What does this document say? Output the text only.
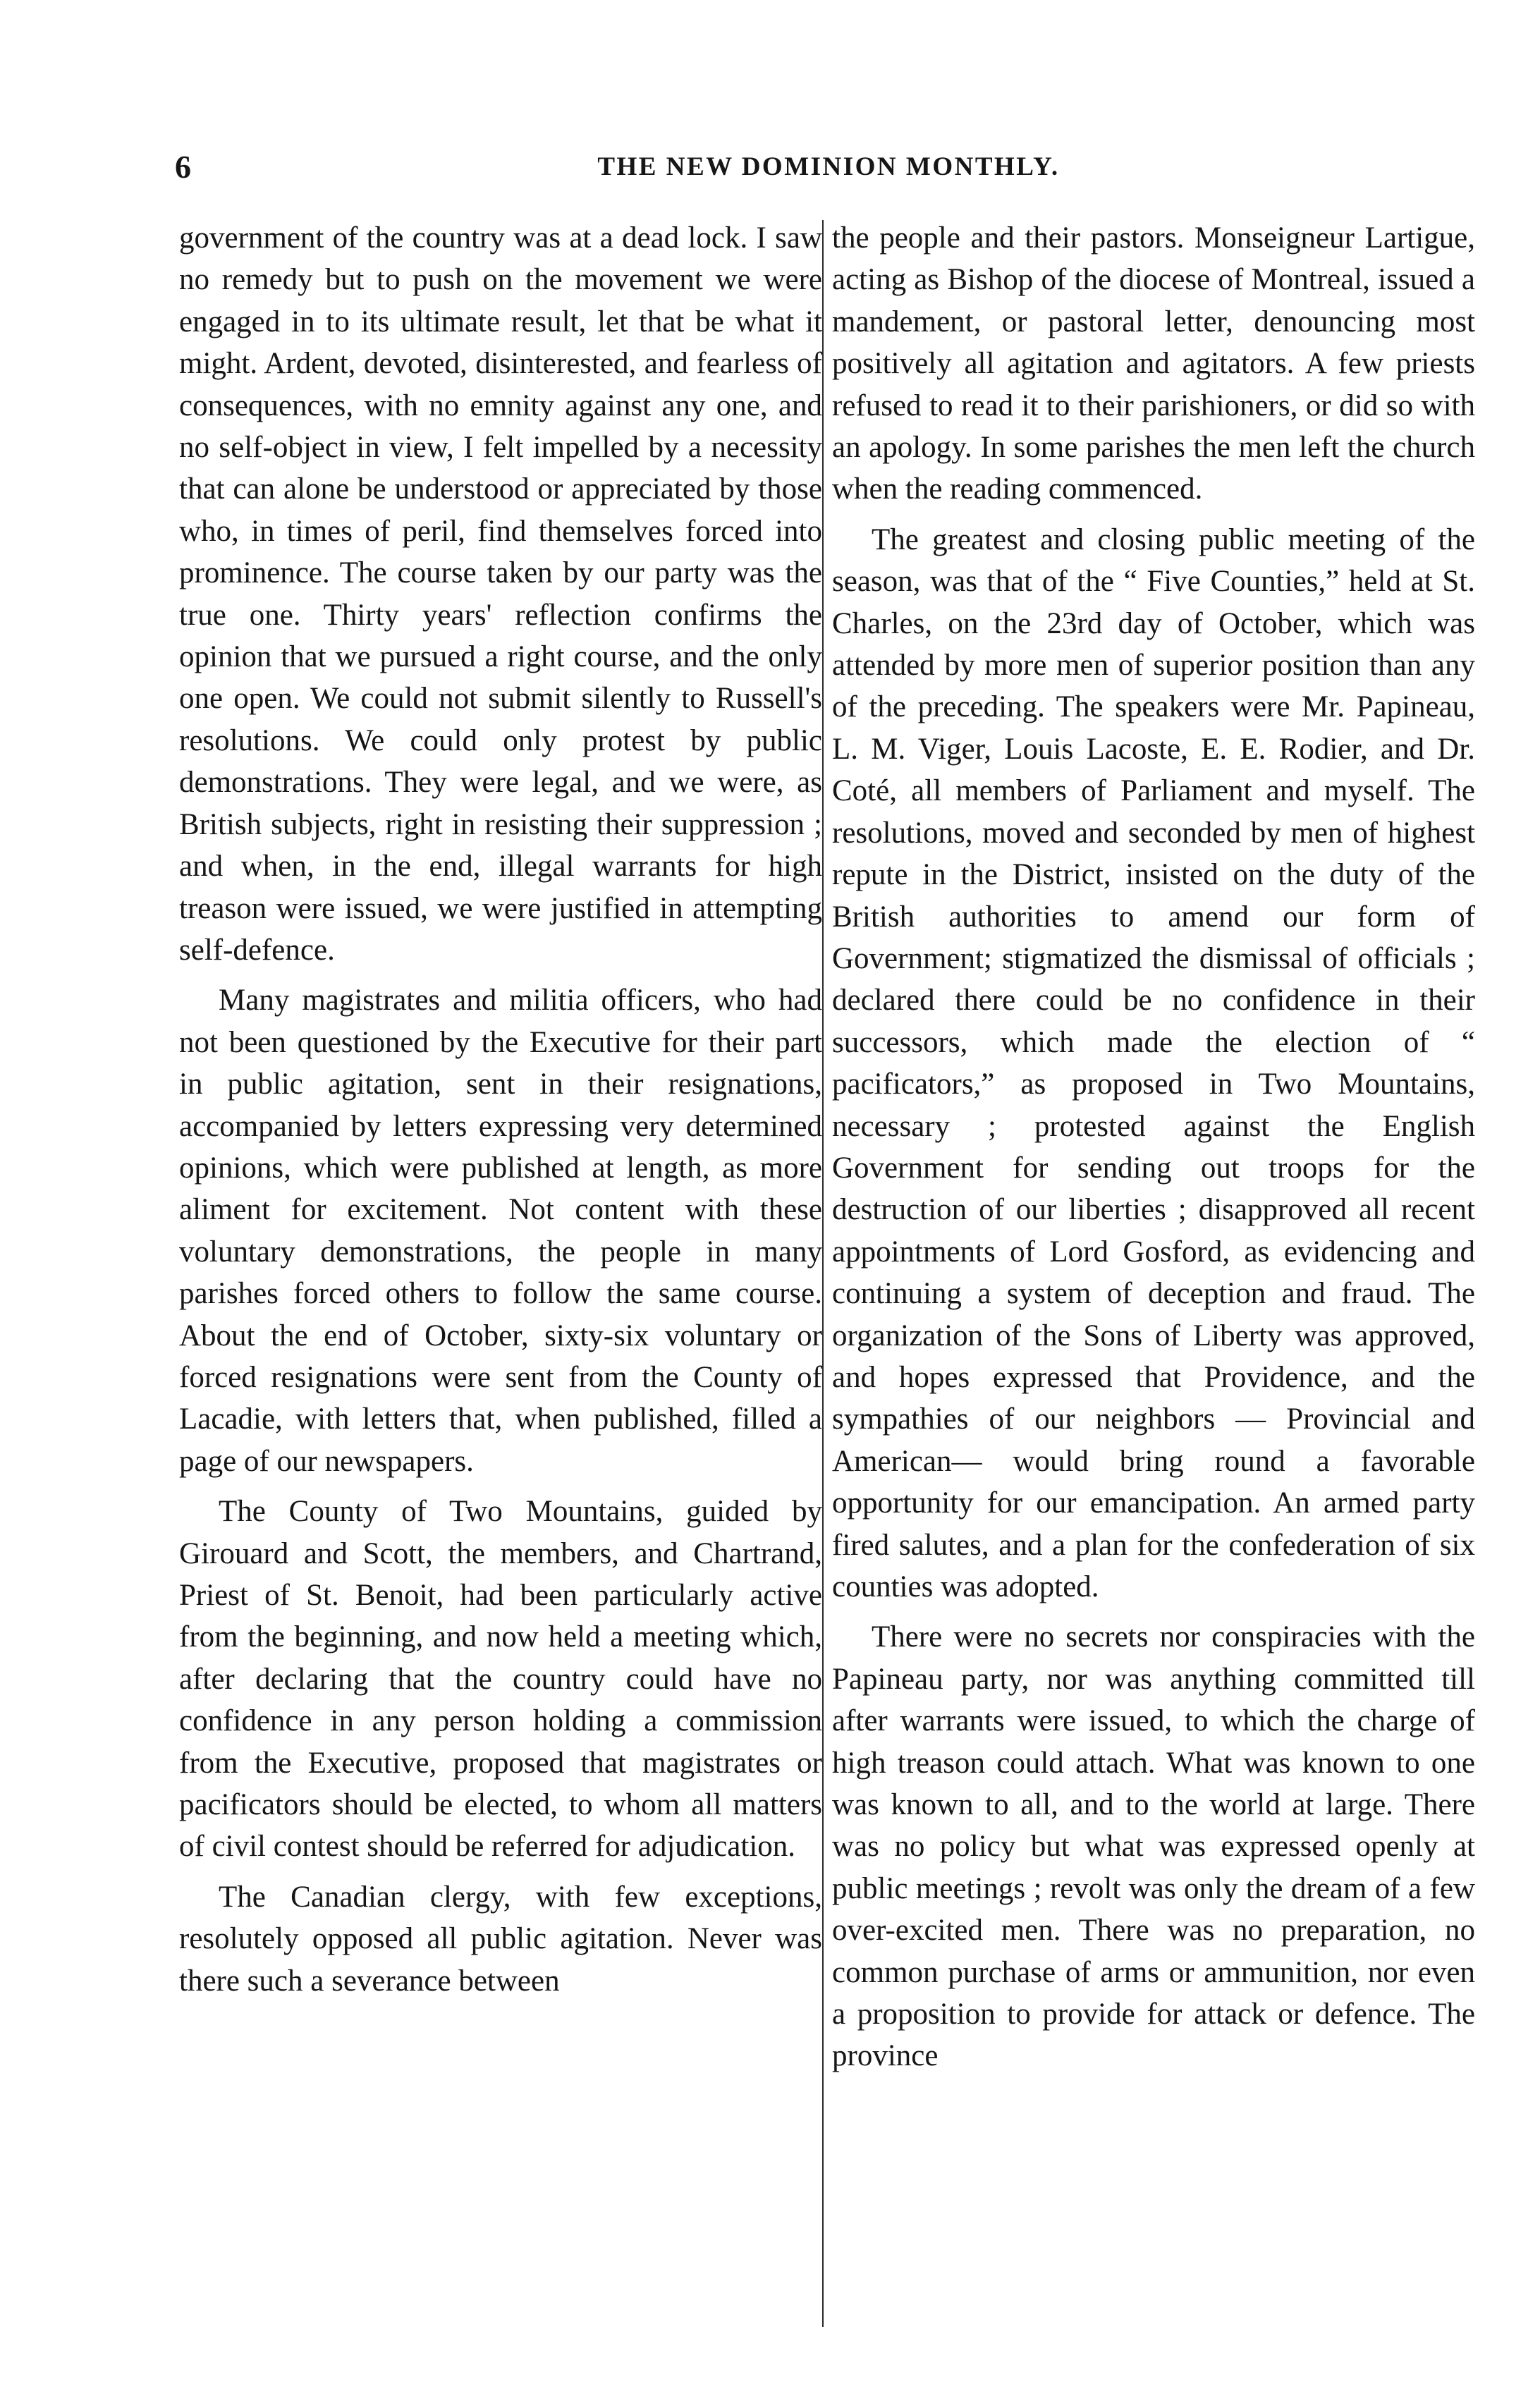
6	THE NEW DOMINION MONTHLY.

government of the country was at a dead lock. I saw no remedy but to push on the movement we were engaged in to its ultimate result, let that be what it might. Ardent, devoted, disinterested, and fearless of consequences, with no emnity against any one, and no self-object in view, I felt impelled by a necessity that can alone be understood or appreciated by those who, in times of peril, find themselves forced into prominence. The course taken by our party was the true one. Thirty years' reflection confirms the opinion that we pursued a right course, and the only one open. We could not submit silently to Russell's resolutions. We could only protest by public demonstrations. They were legal, and we were, as British subjects, right in resisting their suppression ; and when, in the end, illegal warrants for high treason were issued, we were justified in attempting self-defence.

Many magistrates and militia officers, who had not been questioned by the Executive for their part in public agitation, sent in their resignations, accompanied by letters expressing very determined opinions, which were published at length, as more aliment for excitement. Not content with these voluntary demonstrations, the people in many parishes forced others to follow the same course. About the end of October, sixty-six voluntary or forced resignations were sent from the County of Lacadie, with letters that, when published, filled a page of our newspapers.

The County of Two Mountains, guided by Girouard and Scott, the members, and Chartrand, Priest of St. Benoit, had been particularly active from the beginning, and now held a meeting which, after declaring that the country could have no confidence in any person holding a commission from the Executive, proposed that magistrates or pacificators should be elected, to whom all matters of civil contest should be referred for adjudication.

The Canadian clergy, with few exceptions, resolutely opposed all public agitation. Never was there such a severance between

the people and their pastors. Monseigneur Lartigue, acting as Bishop of the diocese of Montreal, issued a mandement, or pastoral letter, denouncing most positively all agitation and agitators. A few priests refused to read it to their parishioners, or did so with an apology. In some parishes the men left the church when the reading commenced.

The greatest and closing public meeting of the season, was that of the “ Five Counties,” held at St. Charles, on the 23rd day of October, which was attended by more men of superior position than any of the preceding. The speakers were Mr. Papineau, L. M. Viger, Louis Lacoste, E. E. Rodier, and Dr. Coté, all members of Parliament and myself. The resolutions, moved and seconded by men of highest repute in the District, insisted on the duty of the British authorities to amend our form of Government; stigmatized the dismissal of officials ; declared there could be no confidence in their successors, which made the election of “ pacificators,” as proposed in Two Mountains, necessary ; protested against the English Government for sending out troops for the destruction of our liberties ; disapproved all recent appointments of Lord Gosford, as evidencing and continuing a system of deception and fraud. The organization of the Sons of Liberty was approved, and hopes expressed that Providence, and the sympathies of our neighbors — Provincial and American— would bring round a favorable opportunity for our emancipation. An armed party fired salutes, and a plan for the confederation of six counties was adopted.

There were no secrets nor conspiracies with the Papineau party, nor was anything committed till after warrants were issued, to which the charge of high treason could attach. What was known to one was known to all, and to the world at large. There was no policy but what was expressed openly at public meetings ; revolt was only the dream of a few over-excited men. There was no preparation, no common purchase of arms or ammunition, nor even a proposition to provide for attack or defence. The province
